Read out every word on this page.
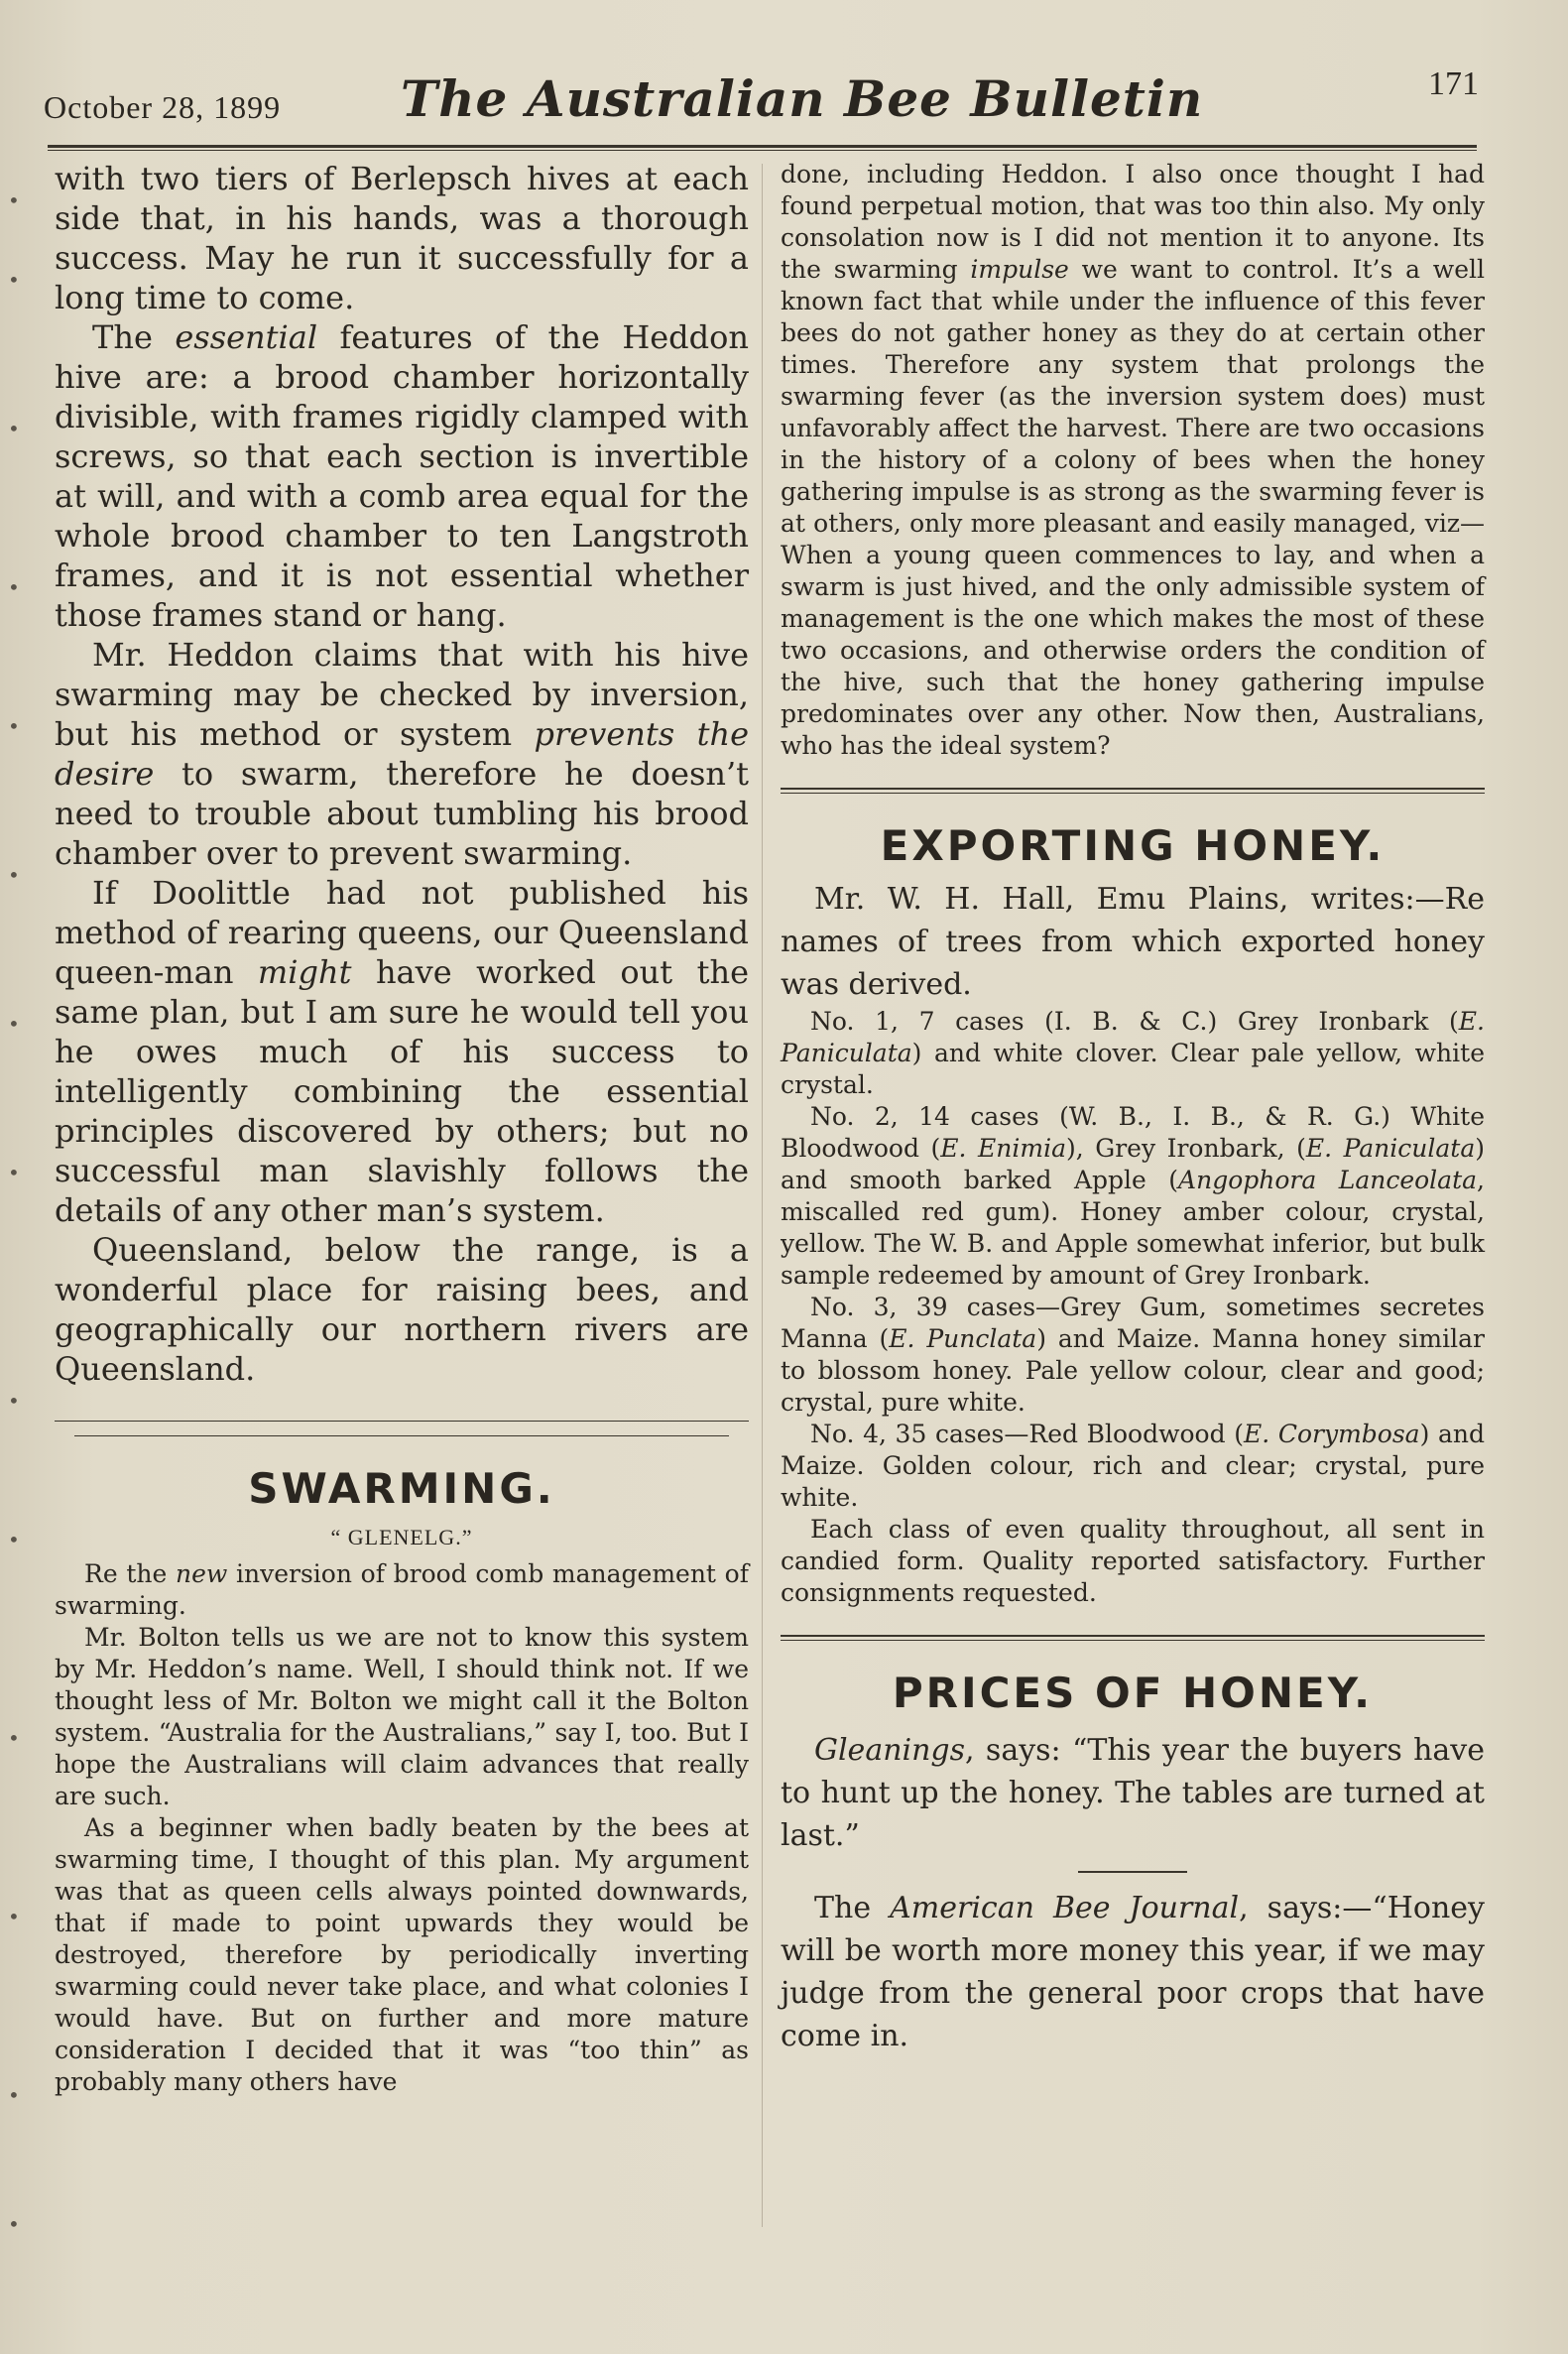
October 28, 1899 The Australian Bee Bulletin	171

with two tiers of Berlepsch hives at each side that, in his hands, was a thorough success. May he run it successfully for a long time to come.

The essential features of the Heddon hive are: a brood chamber horizontally divisible, with frames rigidly clamped with screws, so that each section is invertible at will, and with a comb area equal for the whole brood chamber to ten Langstroth frames, and it is not essential whether those frames stand or hang.

Mr. Heddon claims that with his hive swarming may be checked by inversion, but his method or system prevents the desire to swarm, therefore he doesn’t need to trouble about tumbling his brood chamber over to prevent swarming.

If Doolittle had not published his method of rearing queens, our Queensland queen-man might have worked out the same plan, but I am sure he would tell you he owes much of his success to intelligently combining the essential principles discovered by others; but no successful man slavishly follows the details of any other man’s system.

Queensland, below the range, is a wonderful place for raising bees, and geographically our northern rivers are Queensland.

SWARMING.
“ GLENELG.”

Re the new inversion of brood comb management of swarming.

Mr. Bolton tells us we are not to know this system by Mr. Heddon’s name. Well, I should think not. If we thought less of Mr. Bolton we might call it the Bolton system. “Australia for the Australians,” say I, too. But I hope the Australians will claim advances that really are such.

As a beginner when badly beaten by the bees at swarming time, I thought of this plan. My argument was that as queen cells always pointed downwards, that if made to point upwards they would be destroyed, therefore by periodically inverting swarming could never take place, and what colonies I would have. But on further and more mature consideration I decided that it was “too thin” as probably many others have

done, including Heddon. I also once thought I had found perpetual motion, that was too thin also. My only consolation now is I did not mention it to anyone. Its the swarming impulse we want to control. It’s a well known fact that while under the influence of this fever bees do not gather honey as they do at certain other times. Therefore any system that prolongs the swarming fever (as the inversion system does) must unfavorably affect the harvest. There are two occasions in the history of a colony of bees when the honey gathering impulse is as strong as the swarming fever is at others, only more pleasant and easily managed, viz—When a young queen commences to lay, and when a swarm is just hived, and the only admissible system of management is the one which makes the most of these two occasions, and otherwise orders the condition of the hive, such that the honey gathering impulse predominates over any other. Now then, Australians, who has the ideal system?

EXPORTING HONEY.

Mr. W. H. Hall, Emu Plains, writes:—Re names of trees from which exported honey was derived.

No. 1, 7 cases (I. B. & C.) Grey Ironbark (E. Paniculata) and white clover. Clear pale yellow, white crystal.

No. 2, 14 cases (W. B., I. B., & R. G.) White Bloodwood (E. Enimia), Grey Ironbark, (E. Paniculata) and smooth barked Apple (Angophora Lanceolata, miscalled red gum). Honey amber colour, crystal, yellow. The W. B. and Apple somewhat inferior, but bulk sample redeemed by amount of Grey Ironbark.

No. 3, 39 cases—Grey Gum, sometimes secretes Manna (E. Punclata) and Maize. Manna honey similar to blossom honey. Pale yellow colour, clear and good; crystal, pure white.

No. 4, 35 cases—Red Bloodwood (E. Corymbosa) and Maize. Golden colour, rich and clear; crystal, pure white.

Each class of even quality throughout, all sent in candied form. Quality reported satisfactory. Further consignments requested.

PRICES OF HONEY.

Gleanings, says: “This year the buyers have to hunt up the honey. The tables are turned at last.”

The American Bee Journal, says:—“Honey will be worth more money this year, if we may judge from the general poor crops that have come in.

•
•
•
•
•
•
•
•
•
•
•
•
•
•
